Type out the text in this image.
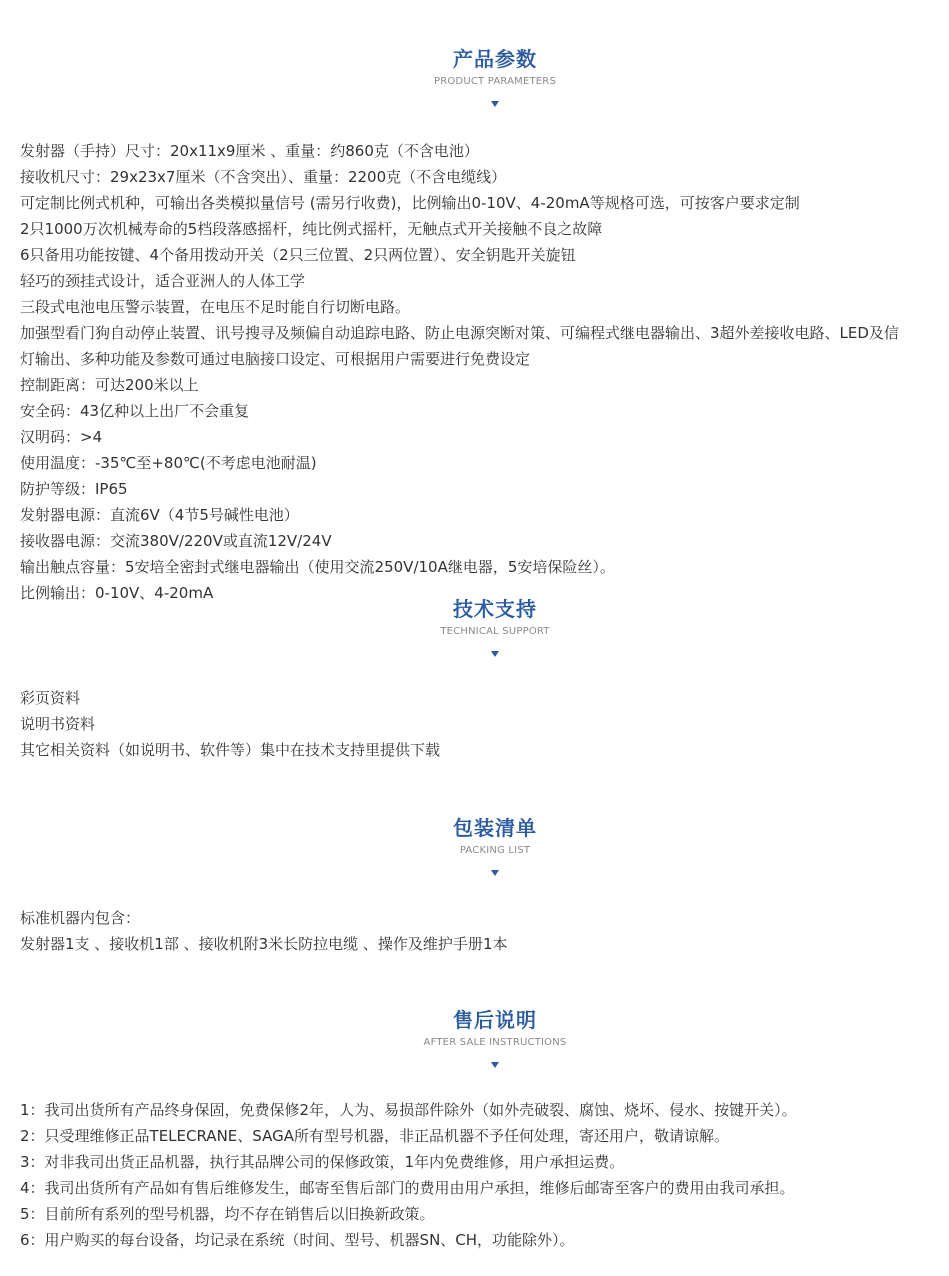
产品参数
PRODUCT PARAMETERS
发射器（手持）尺寸：20x11x9厘米 、重量：约860克（不含电池）
接收机尺寸：29x23x7厘米（不含突出）、重量：2200克（不含电缆线）
可定制比例式机种，可输出各类模拟量信号 (需另行收费)，比例输出0-10V、4-20mA等规格可选，可按客户要求定制
2只1000万次机械寿命的5档段落感摇杆，纯比例式摇杆，无触点式开关接触不良之故障
6只备用功能按键、4个备用拨动开关（2只三位置、2只两位置）、安全钥匙开关旋钮
轻巧的颈挂式设计，适合亚洲人的人体工学
三段式电池电压警示装置，在电压不足时能自行切断电路。
加强型看门狗自动停止装置、讯号搜寻及频偏自动追踪电路、防止电源突断对策、可编程式继电器输出、3超外差接收电路、LED及信
灯输出、多种功能及参数可通过电脑接口设定、可根据用户需要进行免费设定
控制距离：可达200米以上
安全码：43亿种以上出厂不会重复
汉明码：>4
使用温度：-35℃至+80℃(不考虑电池耐温)
防护等级：IP65
发射器电源：直流6V（4节5号碱性电池）
接收器电源：交流380V/220V或直流12V/24V
输出触点容量：5安培全密封式继电器输出（使用交流250V/10A继电器，5安培保险丝）。
比例输出：0-10V、4-20mA
技术支持
TECHNICAL SUPPORT
彩页资料
说明书资料
其它相关资料（如说明书、软件等）集中在技术支持里提供下载
包装清单
PACKING LIST
标准机器内包含：
发射器1支 、接收机1部 、接收机附3米长防拉电缆 、操作及维护手册1本
售后说明
AFTER SALE INSTRUCTIONS
1：我司出货所有产品终身保固，免费保修2年，人为、易损部件除外（如外壳破裂、腐蚀、烧坏、侵水、按键开关）。
2：只受理维修正品TELECRANE、SAGA所有型号机器，非正品机器不予任何处理，寄还用户，敬请谅解。
3：对非我司出货正品机器，执行其品牌公司的保修政策，1年内免费维修，用户承担运费。
4：我司出货所有产品如有售后维修发生，邮寄至售后部门的费用由用户承担，维修后邮寄至客户的费用由我司承担。
5：目前所有系列的型号机器，均不存在销售后以旧换新政策。
6：用户购买的每台设备，均记录在系统（时间、型号、机器SN、CH，功能除外）。
